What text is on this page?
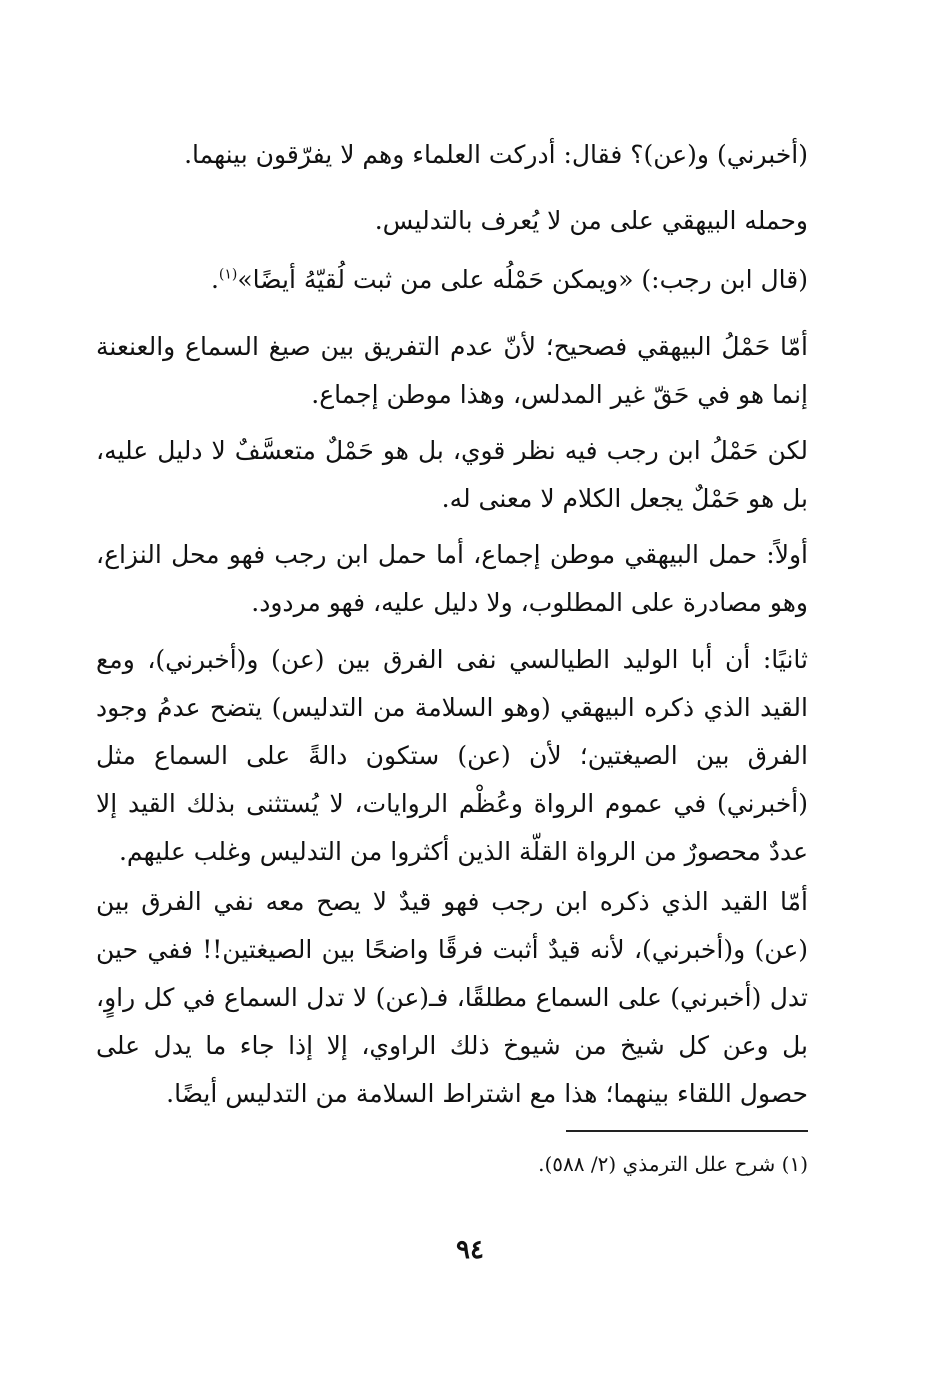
(أخبرني) و(عن)؟ فقال: أدركت العلماء وهم لا يفرّقون بينهما.

وحمله البيهقي على من لا يُعرف بالتدليس.

(قال ابن رجب:) «ويمكن حَمْلُه على من ثبت لُقيّهُ أيضًا»$^{(١)}$.

أمّا حَمْلُ البيهقي فصحيح؛ لأنّ عدم التفريق بين صيغ السماع والعنعنة إنما هو في حَقّ غير المدلس، وهذا موطن إجماع.

لكن حَمْلُ ابن رجب فيه نظر قوي، بل هو حَمْلٌ متعسَّفٌ لا دليل عليه، بل هو حَمْلٌ يجعل الكلام لا معنى له.

أولاً: حمل البيهقي موطن إجماع، أما حمل ابن رجب فهو محل النزاع، وهو مصادرة على المطلوب، ولا دليل عليه، فهو مردود.

ثانيًا: أن أبا الوليد الطيالسي نفى الفرق بين (عن) و(أخبرني)، ومع القيد الذي ذكره البيهقي (وهو السلامة من التدليس) يتضح عدمُ وجود الفرق بين الصيغتين؛ لأن (عن) ستكون دالةً على السماع مثل (أخبرني) في عموم الرواة وعُظْم الروايات، لا يُستثنى بذلك القيد إلا عددٌ محصورٌ من الرواة القلّة الذين أكثروا من التدليس وغلب عليهم.

أمّا القيد الذي ذكره ابن رجب فهو قيدٌ لا يصح معه نفي الفرق بين (عن) و(أخبرني)، لأنه قيدٌ أثبت فرقًا واضحًا بين الصيغتين!! ففي حين تدل (أخبرني) على السماع مطلقًا، فـ(عن) لا تدل السماع في كل راوٍ، بل وعن كل شيخ من شيوخ ذلك الراوي، إلا إذا جاء ما يدل على حصول اللقاء بينهما؛ هذا مع اشتراط السلامة من التدليس أيضًا.

(١) شرح علل الترمذي (٢/ ٥٨٨).
٩٤
